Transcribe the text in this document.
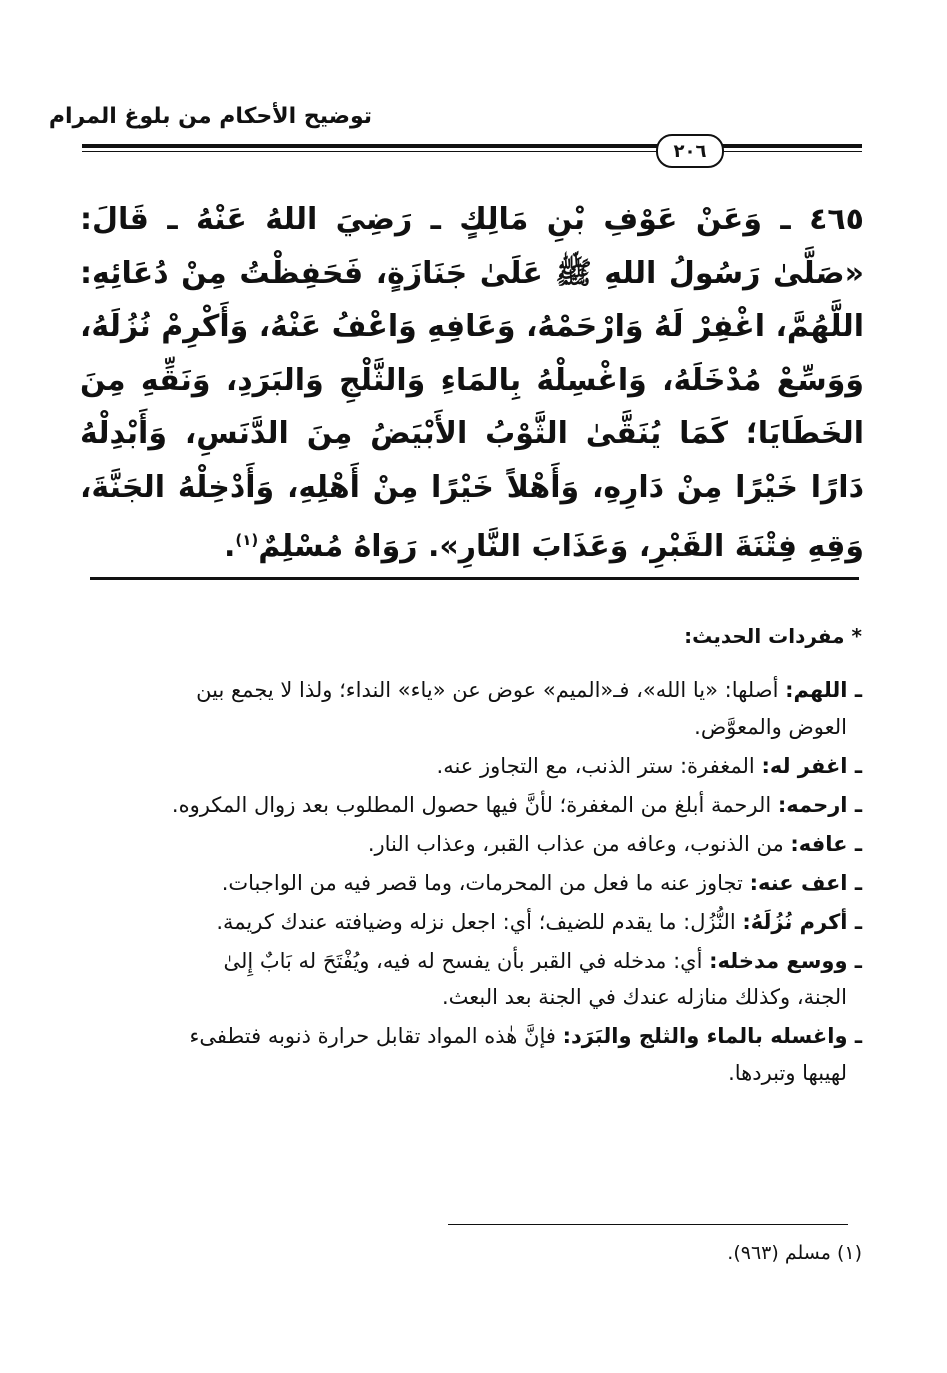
توضيح الأحكام من بلوغ المرام
٢٠٦
٤٦٥ ـ وَعَنْ عَوْفِ بْنِ مَالِكٍ ـ رَضِيَ اللهُ عَنْهُ ـ قَالَ: «صَلَّىٰ رَسُولُ اللهِ ﷺ عَلَىٰ جَنَازَةٍ، فَحَفِظْتُ مِنْ دُعَائِهِ: اللَّهُمَّ، اغْفِرْ لَهُ وَارْحَمْهُ، وَعَافِهِ وَاعْفُ عَنْهُ، وَأَكْرِمْ نُزُلَهُ، وَوَسِّعْ مُدْخَلَهُ، وَاغْسِلْهُ بِالمَاءِ وَالثَّلْجِ وَالبَرَدِ، وَنَقِّهِ مِنَ الخَطَايَا؛ كَمَا يُنَقَّىٰ الثَّوْبُ الأَبْيَضُ مِنَ الدَّنَسِ، وَأَبْدِلْهُ دَارًا خَيْرًا مِنْ دَارِهِ، وَأَهْلاً خَيْرًا مِنْ أَهْلِهِ، وَأَدْخِلْهُ الجَنَّةَ، وَقِهِ فِتْنَةَ القَبْرِ، وَعَذَابَ النَّارِ». رَوَاهُ مُسْلِمٌ$^{(١)}$.
* مفردات الحديث:
ـ اللهم: أصلها: «يا الله»، فـ«الميم» عوض عن «ياء» النداء؛ ولذا لا يجمع بين
العوض والمعوَّض.
ـ اغفر له: المغفرة: ستر الذنب، مع التجاوز عنه.
ـ ارحمه: الرحمة أبلغ من المغفرة؛ لأنَّ فيها حصول المطلوب بعد زوال المكروه.
ـ عافه: من الذنوب، وعافه من عذاب القبر، وعذاب النار.
ـ اعف عنه: تجاوز عنه ما فعل من المحرمات، وما قصر فيه من الواجبات.
ـ أكرم نُزُلَهُ: النُّزُل: ما يقدم للضيف؛ أي: اجعل نزله وضيافته عندك كريمة.
ـ ووسع مدخله: أي: مدخله في القبر بأن يفسح له فيه، ويُفْتَحَ له بَابٌ إِلىٰ
الجنة، وكذلك منازله عندك في الجنة بعد البعث.
ـ واغسله بالماء والثلج والبَرَد: فإنَّ هٰذه المواد تقابل حرارة ذنوبه فتطفىء
لهيبها وتبردها.
(١) مسلم (٩٦٣).
